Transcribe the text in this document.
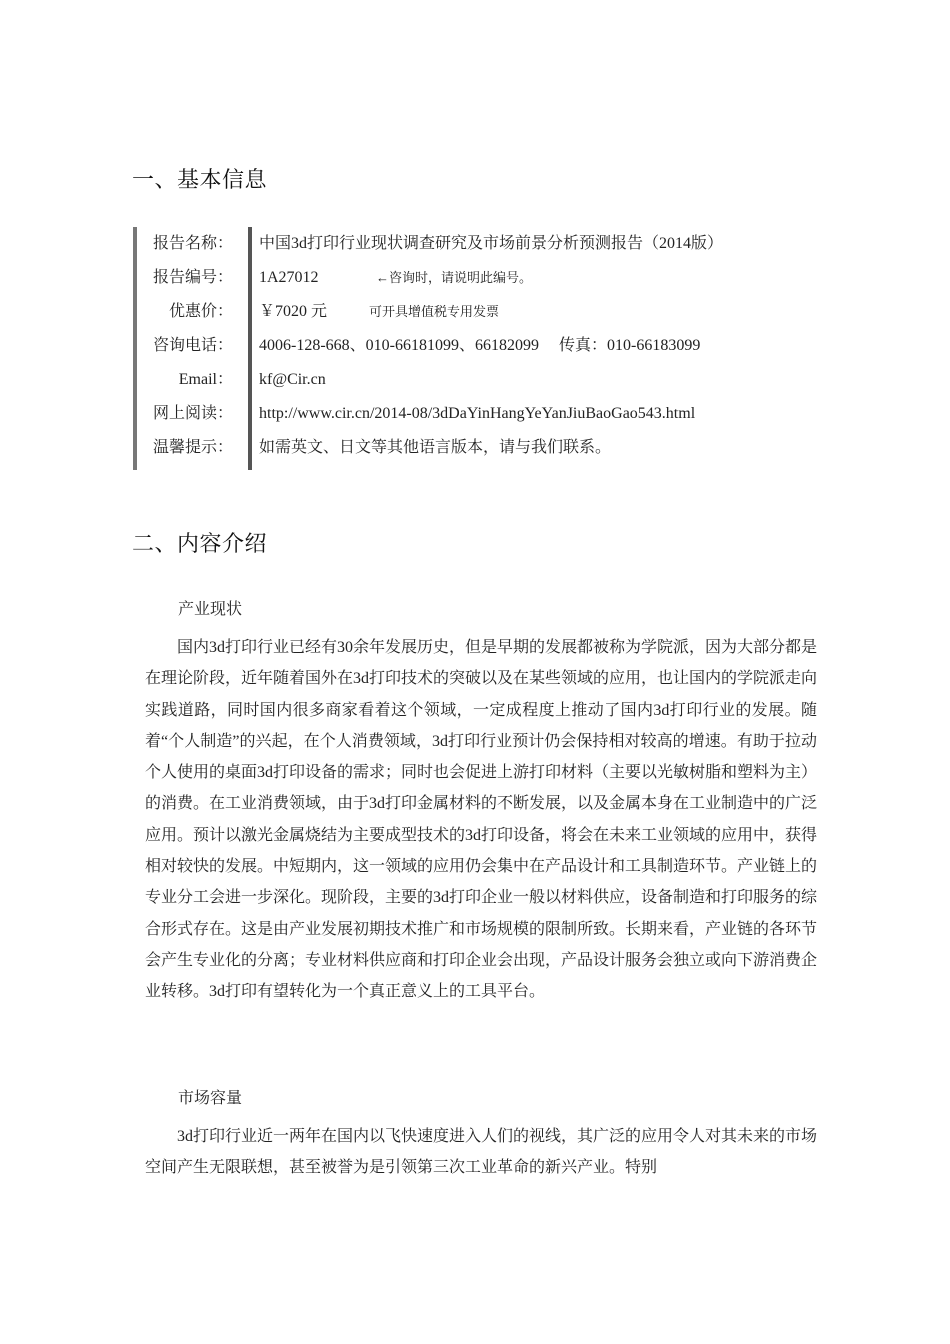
一、基本信息
报告名称： 中国3d打印行业现状调查研究及市场前景分析预测报告（2014版）
报告编号： 1A27012	←咨询时，请说明此编号。
优惠价： ￥7020 元	可开具增值税专用发票
咨询电话： 4006-128-668、010-66181099、66182099　 传真：010-66183099
Email： kf@Cir.cn
网上阅读： http://www.cir.cn/2014-08/3dDaYinHangYeYanJiuBaoGao543.html
温馨提示： 如需英文、日文等其他语言版本，请与我们联系。
二、内容介绍

产业现状

国内3d打印行业已经有30余年发展历史，但是早期的发展都被称为学院派，因为大部分都是在理论阶段，近年随着国外在3d打印技术的突破以及在某些领域的应用，也让国内的学院派走向实践道路，同时国内很多商家看着这个领域，一定成程度上推动了国内3d打印行业的发展。随着“个人制造”的兴起，在个人消费领域，3d打印行业预计仍会保持相对较高的增速。有助于拉动个人使用的桌面3d打印设备的需求；同时也会促进上游打印材料（主要以光敏树脂和塑料为主）的消费。在工业消费领域，由于3d打印金属材料的不断发展，以及金属本身在工业制造中的广泛应用。预计以激光金属烧结为主要成型技术的3d打印设备，将会在未来工业领域的应用中，获得相对较快的发展。中短期内，这一领域的应用仍会集中在产品设计和工具制造环节。产业链上的专业分工会进一步深化。现阶段，主要的3d打印企业一般以材料供应，设备制造和打印服务的综合形式存在。这是由产业发展初期技术推广和市场规模的限制所致。长期来看，产业链的各环节会产生专业化的分离；专业材料供应商和打印企业会出现，产品设计服务会独立或向下游消费企业转移。3d打印有望转化为一个真正意义上的工具平台。

市场容量

3d打印行业近一两年在国内以飞快速度进入人们的视线，其广泛的应用令人对其未来的市场空间产生无限联想，甚至被誉为是引领第三次工业革命的新兴产业。特别
